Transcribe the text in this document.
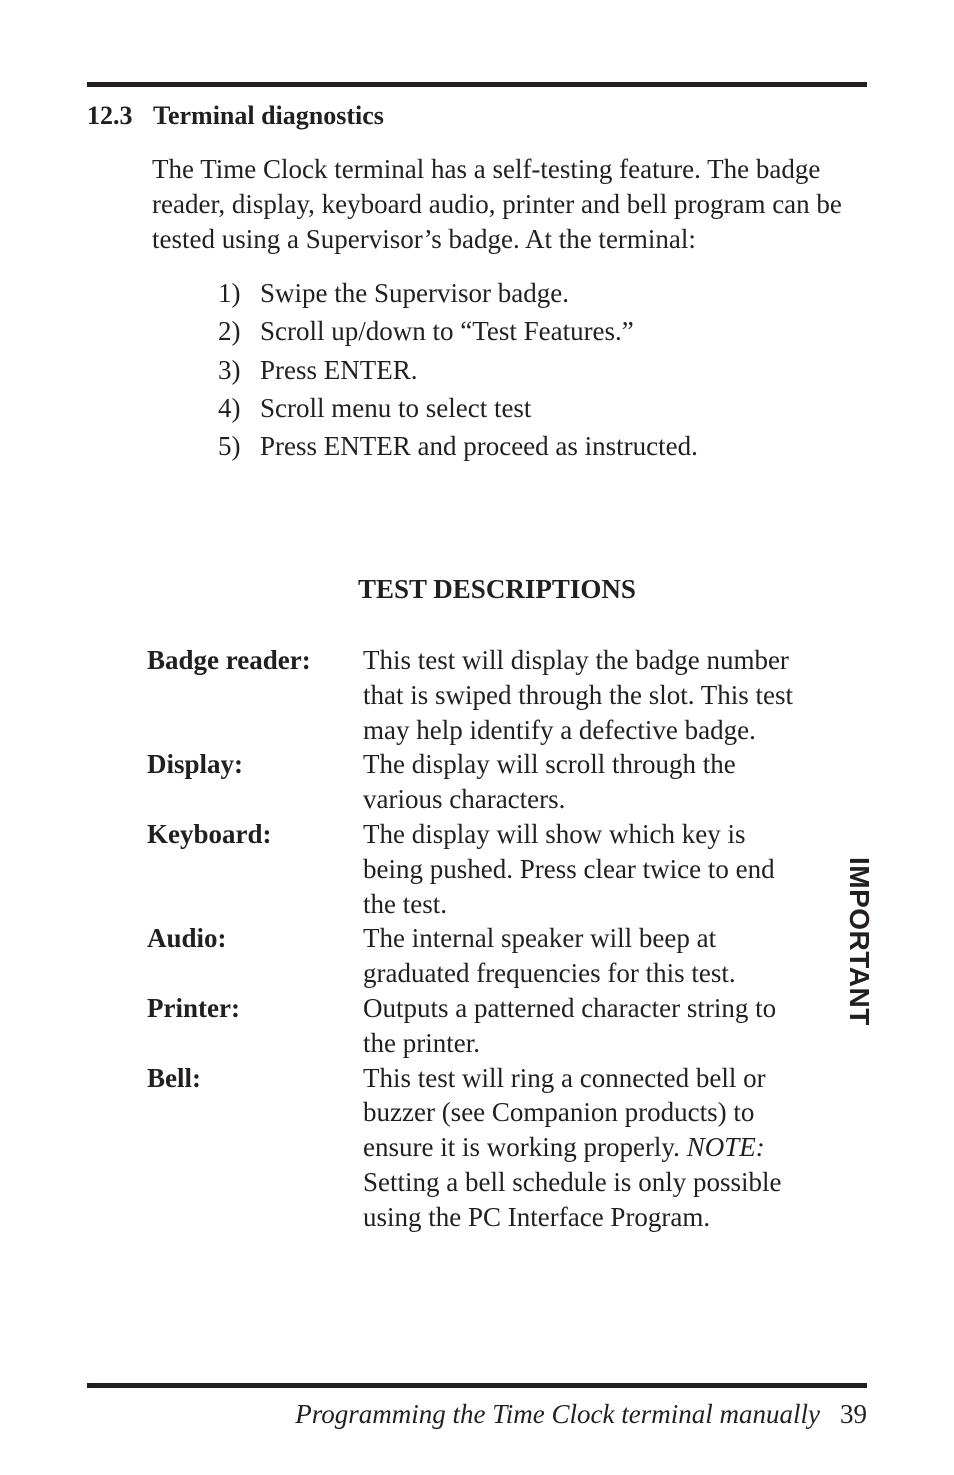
12.3 Terminal diagnostics
The Time Clock terminal has a self-testing feature. The badge reader, display, keyboard audio, printer and bell program can be tested using a Supervisor’s badge. At the terminal:
1) Swipe the Supervisor badge.
2) Scroll up/down to “Test Features.”
3) Press ENTER.
4) Scroll menu to select test
5) Press ENTER and proceed as instructed.
TEST DESCRIPTIONS
Badge reader:	This test will display the badge number that is swiped through the slot. This test may help identify a defective badge.
Display:	The display will scroll through the various characters.
Keyboard:	The display will show which key is being pushed. Press clear twice to end the test.
Audio:	The internal speaker will beep at graduated frequencies for this test.
Printer:	Outputs a patterned character string to the printer.
Bell:	This test will ring a connected bell or buzzer (see Companion products) to ensure it is working properly. NOTE: Setting a bell schedule is only possible using the PC Interface Program.
IMPORTANT
Programming the Time Clock terminal manually 39
